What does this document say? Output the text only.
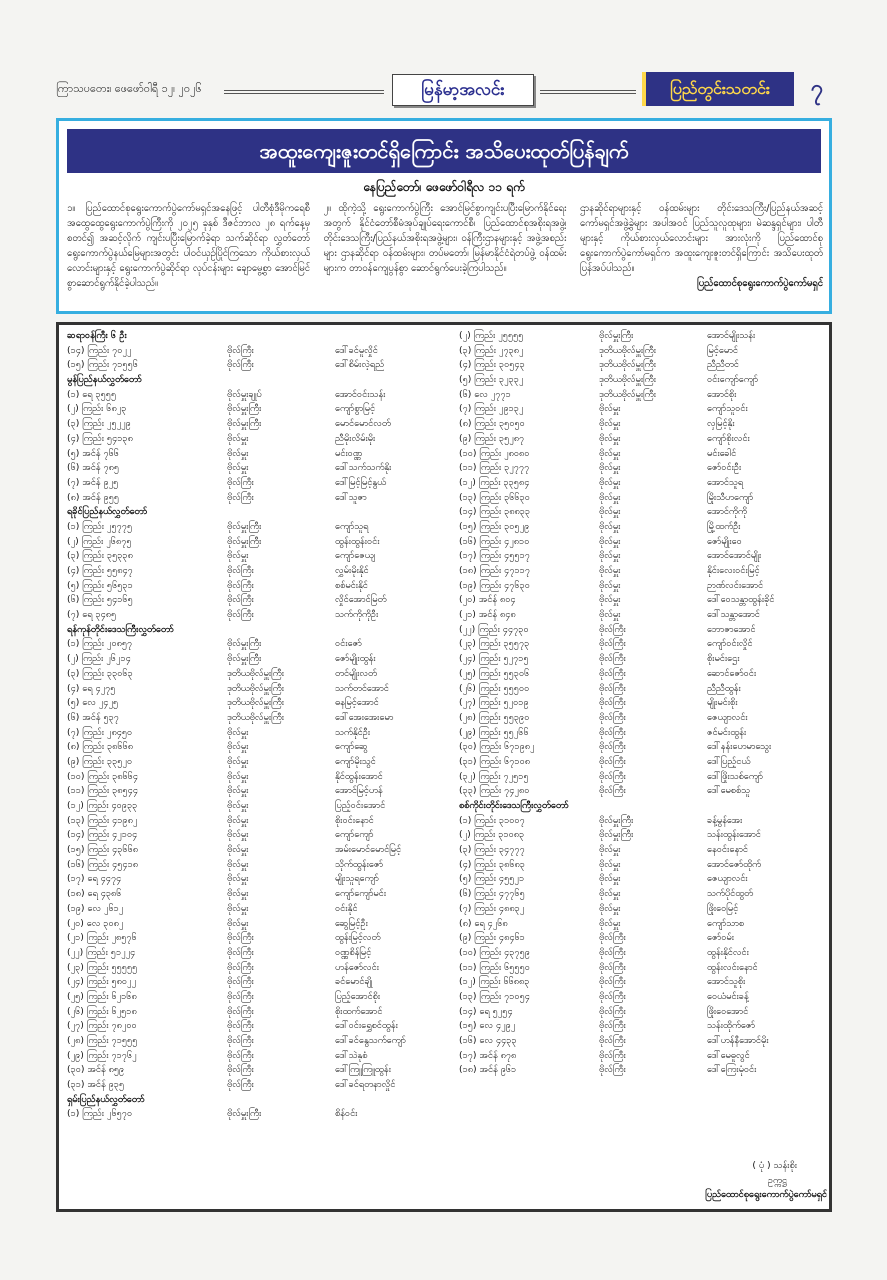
ကြာသပတေး၊ ဖေဖော်ဝါရီ ၁၂၊ ၂၀၂၆	မြန်မာ့အလင်း	ပြည်တွင်းသတင်း	၇
အထူးကျေးဇူးတင်ရှိကြောင်း အသိပေးထုတ်ပြန်ချက်
နေပြည်တော်၊ ဖေဖော်ဝါရီလ ၁၁ ရက်
၁။ ပြည်ထောင်စုရွေးကောက်ပွဲကော်မရှင်အနေဖြင့် ပါတီစုံဒီမိုကရေစီ အထွေထွေရွေးကောက်ပွဲကြီးကို ၂၀၂၅ ခုနှစ် ဒီဇင်ဘာလ ၂၈ ရက်နေ့မှစတင်၍ အဆင့်လိုက် ကျင်းပပြီးမြောက်ခဲ့ရာ သက်ဆိုင်ရာ လွှတ်တော်ရွေးကောက်ပွဲနယ်မြေများအတွင်း ပါဝင်ယှဉ်ပြိုင်ကြသော ကိုယ်စားလှယ်လောင်းများနှင့် ရွေးကောက်ပွဲဆိုင်ရာ လုပ်ငန်းများ ချောမွေ့စွာ အောင်မြင်စွာဆောင်ရွက်နိုင်ခဲ့ပါသည်။
၂။ ထိုကဲ့သို့ ရွေးကောက်ပွဲကြီး အောင်မြင်စွာကျင်းပပြီးမြောက်နိုင်ရေးအတွက် နိုင်ငံတော်စီမံအုပ်ချုပ်ရေးကောင်စီ၊ ပြည်ထောင်စုအစိုးရအဖွဲ့၊ တိုင်းဒေသကြီး/ပြည်နယ်အစိုးရအဖွဲ့များ၊ ဝန်ကြီးဌာနများနှင့် အဖွဲ့အစည်းများ ဌာနဆိုင်ရာ ဝန်ထမ်းများ၊ တပ်မတော်၊ မြန်မာနိုင်ငံရဲတပ်ဖွဲ့ ဝန်ထမ်းများက တာဝန်ကျေပွန်စွာ ဆောင်ရွက်ပေးခဲ့ကြပါသည်။
ဌာနဆိုင်ရာများနှင့် ဝန်ထမ်းများ တိုင်းဒေသကြီး/ပြည်နယ်အဆင့် ကော်မရှင်အဖွဲ့ခွဲများ အပါအဝင် ပြည်သူလူထုများ၊ မဲဆန္ဒရှင်များ၊ ပါတီများနှင့် ကိုယ်စားလှယ်လောင်းများ အားလုံးကို ပြည်ထောင်စုရွေးကောက်ပွဲကော်မရှင်က အထူးကျေးဇူးတင်ရှိကြောင်း အသိပေးထုတ်ပြန်အပ်ပါသည်။
ပြည်ထောင်စုရွေးကောက်ပွဲကော်မရှင်
ဆရာဝန်ကြီး ၆ ဦး
(၁၄) ကြည်း ၇၀၂၂	ဗိုလ်ကြီး	ဒေါ်ခင်မူလှိုင်
(၁၅) ကြည်း ၇၁၅၅၆	ဗိုလ်ကြီး	ဒေါ်စိမ်းလဲ့ရည်
မွန်ပြည်နယ်လွှတ်တော်
(၁) ရေ ၃၅၅၅	ဗိုလ်မှူးချုပ်	အောင်ဝင်းသန်း
(၂) ကြည်း ၆၈၂၃	ဗိုလ်မှူးကြီး	ကျော်စွာမြင့်
(၃) ကြည်း ၂၅၂၂၉	ဗိုလ်မှူးကြီး	မောင်မောင်လတ်
(၄) ကြည်း ၅၄၁၃၈	ဗိုလ်မှူး	ညီမိုးလိမ်းမိုး
(၅) အင်န် ၇၆၆	ဗိုလ်မှူး	မင်းဝဏ္ဏ
(၆) အင်န် ၇၈၅	ဗိုလ်မှူး	ဒေါ်သက်သက်နိုး
(၇) အင်န် ၉၂၅	ဗိုလ်ကြီး	ဒေါ်မြင့်မြင့်နွယ်
(၈) အင်န် ၉၅၅	ဗိုလ်ကြီး	ဒေါ်သူဇာ
ရခိုင်ပြည်နယ်လွှတ်တော်
(၁) ကြည်း ၂၅၇၇၅	ဗိုလ်မှူးကြီး	ကျော်သူရ
(၂) ကြည်း ၂၆၈၇၅	ဗိုလ်မှူးကြီး	ထွန်းထွန်းဝင်း
(၃) ကြည်း ၃၅၃၃၈	ဗိုလ်မှူး	ကျော်ဇေယျ
(၄) ကြည်း ၅၅၈၄၇	ဗိုလ်ကြီး	လွှမ်းမိုးနိုင်
(၅) ကြည်း ၅၆၅၃၁	ဗိုလ်ကြီး	စစ်မင်းနိုင်
(၆) ကြည်း ၅၄၁၆၅	ဗိုလ်ကြီး	လှိုင်အောင်မြတ်
(၇) ရေ ၃၄၈၅	ဗိုလ်ကြီး	သက်ကိုကိုဦး
ရန်ကုန်တိုင်းဒေသကြီးလွှတ်တော်
(၁) ကြည်း ၂၀၈၅၇	ဗိုလ်မှူးကြီး	ဝင်းဇော်
(၂) ကြည်း ၂၆၂၁၄	ဗိုလ်မှူးကြီး	ဇော်မျိုးထွန်း
(၃) ကြည်း ၃၃၀၆၃	ဒုတိယဗိုလ်မှူးကြီး	တင်မျိုးလတ်
(၄) ရေ ၄၂၇၅	ဒုတိယဗိုလ်မှူးကြီး	သက်တင်အောင်
(၅) လေ ၂၄၂၅	ဒုတိယဗိုလ်မှူးကြီး	ဓနမြင့်အောင်
(၆) အင်န် ၅၃၇	ဒုတိယဗိုလ်မှူးကြီး	ဒေါ်အေးအေးမော
(၇) ကြည်း ၂၈၄၅၀	ဗိုလ်မှူး	သက်နိုင်ဦး
(၈) ကြည်း ၃၈၆၆၈	ဗိုလ်မှူး	ကျော်ဆွေ
(၉) ကြည်း ၃၃၅၂၀	ဗိုလ်မှူး	ကျော်မိုးသွင်
(၁၀) ကြည်း ၃၈၆၆၄	ဗိုလ်မှူး	နိုင်ထွန်းအောင်
(၁၁) ကြည်း ၃၈၅၄၄	ဗိုလ်မှူး	အောင်မြင့်ဟန်
(၁၂) ကြည်း ၄၀၉၃၃	ဗိုလ်မှူး	ပြည့်ဝင်းအောင်
(၁၃) ကြည်း ၄၁၉၈၂	ဗိုလ်မှူး	စိုးဝင်းနောင်
(၁၄) ကြည်း ၄၂၁၀၄	ဗိုလ်မှူး	ကျော်ကျော်
(၁၅) ကြည်း ၄၃၆၆၈	ဗိုလ်မှူး	အမ်းမောင်မောင်မြင့်
(၁၆) ကြည်း ၄၅၄၁၈	ဗိုလ်မှူး	သိုက်ထွန်းဇော်
(၁၇) ရေ ၄၄၇၄	ဗိုလ်မှူး	မျိုးသူရကျော်
(၁၈) ရေ ၄၃၈၆	ဗိုလ်မှူး	ကျော်ကျော်မင်း
(၁၉) လေ ၂၆၁၂	ဗိုလ်မှူး	ဝင်းနိုင်
(၂၀) လေ ၃၀၈၂	ဗိုလ်မှူး	ဆွေမြင့်ဦး
(၂၁) ကြည်း ၂၈၅၇၆	ဗိုလ်ကြီး	ထွန်းမြင့်လတ်
(၂၂) ကြည်း ၅၁၂၂၄	ဗိုလ်ကြီး	ဝဏ္ဏစိန်မြင့်
(၂၃) ကြည်း ၅၅၅၅၅	ဗိုလ်ကြီး	ဟန်ဇော်လင်း
(၂၄) ကြည်း ၅၈၀၂၂	ဗိုလ်ကြီး	ခင်မောင်ချို
(၂၅) ကြည်း ၆၂၁၆၈	ဗိုလ်ကြီး	ပြည့်အောင်စိုး
(၂၆) ကြည်း ၆၂၅၁၈	ဗိုလ်ကြီး	စိုးထက်အောင်
(၂၇) ကြည်း ၇၈၂၀၀	ဗိုလ်ကြီး	ဒေါ်ဝင်းရွှေစင်ထွန်း
(၂၈) ကြည်း ၇၁၅၅၅	ဗိုလ်ကြီး	ဒေါ်ခင်နွေသက်ကျော်
(၂၉) ကြည်း ၇၁၇၆၂	ဗိုလ်ကြီး	ဒေါ်သဲနုစံ
(၃၀) အင်န် ၈၅၉	ဗိုလ်ကြီး	ဒေါ်ကြူကြူထွန်း
(၃၁) အင်န် ၉၃၅	ဗိုလ်ကြီး	ဒေါ်ခင်ရတနာလှိုင်
ရှမ်းပြည်နယ်လွှတ်တော်
(၁) ကြည်း ၂၆၅၇၀	ဗိုလ်မှူးကြီး	စိန်ဝင်း
(၂) ကြည်း ၂၅၅၅၅	ဗိုလ်မှူးကြီး	အောင်မျိုးသန်း
(၃) ကြည်း ၂၇၃၈၂	ဒုတိယဗိုလ်မှူးကြီး	မြင့်မောင်
(၄) ကြည်း ၃၀၅၄၃	ဒုတိယဗိုလ်မှူးကြီး	ညီညီတင်
(၅) ကြည်း ၃၂၃၃၂	ဒုတိယဗိုလ်မှူးကြီး	ဝင်းကျော်ကျော်
(၆) လေ ၂၇၇၁	ဒုတိယဗိုလ်မှူးကြီး	အောင်စိုး
(၇) ကြည်း ၂၉၁၃၂	ဗိုလ်မှူး	ကျော်သူဝင်း
(၈) ကြည်း ၃၅၀၅၀	ဗိုလ်မှူး	လှမြင့်နိုး
(၉) ကြည်း ၃၅၂၈၇	ဗိုလ်မှူး	ကျော်စိုးလင်း
(၁၀) ကြည်း ၂၈၀၈၀	ဗိုလ်မှူး	မင်းခေါင်
(၁၁) ကြည်း ၃၂၇၇၇	ဗိုလ်မှူး	ဇော်ဝင်းဦး
(၁၂) ကြည်း ၃၃၅၈၄	ဗိုလ်မှူး	အောင်သူရ
(၁၃) ကြည်း ၃၆၆၃၀	ဗိုလ်မှူး	မြိုးသီဟကျော်
(၁၄) ကြည်း ၃၈၈၃၃	ဗိုလ်မှူး	အောင်ကိုကို
(၁၅) ကြည်း ၃၀၅၂၉	ဗိုလ်မှူး	မြို့ထက်ဦး
(၁၆) ကြည်း ၄၂၈၁၀	ဗိုလ်မှူး	ဇော်မျိုးဝေ
(၁၇) ကြည်း ၄၅၅၁၇	ဗိုလ်မှူး	အောင်အောင်မျိုး
(၁၈) ကြည်း ၄၇၁၁၇	ဗိုလ်မှူး	နိုင်းလေးဝင်းမြင့်
(၁၉) ကြည်း ၄၇၆၃၀	ဗိုလ်မှူး	ဉာဏ်လင်းအောင်
(၂၀) အင်န် ၈၀၄	ဗိုလ်မှူး	ဒေါ်ဝေသန္တာထွန်းခိုင်
(၂၁) အင်န် ၈၄၈	ဗိုလ်မှူး	ဒေါ်သန္တာအောင်
(၂၂) ကြည်း ၄၄၇၃၀	ဗိုလ်ကြီး	ဘောဇာအောင်
(၂၃) ကြည်း ၃၅၅၇၃	ဗိုလ်ကြီး	ကျော်ဝင်းလှိုင်
(၂၄) ကြည်း ၅၂၇၁၅	ဗိုလ်ကြီး	စိုးမင်းဌေး
(၂၅) ကြည်း ၅၅၃၀၆	ဗိုလ်ကြီး	ဆောင်ဇော်ဝင်း
(၂၆) ကြည်း ၅၅၅၀၀	ဗိုလ်ကြီး	ညီညီထွန်း
(၂၇) ကြည်း ၅၂၀၁၉	ဗိုလ်ကြီး	မျိုးမင်းစိုး
(၂၈) ကြည်း ၅၅၃၉၀	ဗိုလ်ကြီး	ဇေယျာလင်း
(၂၉) ကြည်း ၅၅၂၆၆	ဗိုလ်ကြီး	ဇင်မင်းထွန်း
(၃၀) ကြည်း ၆၇၁၉၈၂	ဗိုလ်ကြီး	ဒေါ်နန်းဟေမာသွေး
(၃၁) ကြည်း ၆၇၁၀၈	ဗိုလ်ကြီး	ဒေါ်ပြည့်ငယ်
(၃၂) ကြည်း ၇၂၅၁၅	ဗိုလ်ကြီး	ဒေါ်ဖြိုးသစ်ကျော်
(၃၃) ကြည်း ၇၄၂၈၀	ဗိုလ်ကြီး	ဒေါ်မေစစ်သူ
စစ်ကိုင်းတိုင်းဒေသကြီးလွှတ်တော်
(၁) ကြည်း ၃၁၀၀၇	ဗိုလ်မှူးကြီး	ခန့်မွန်အေး
(၂) ကြည်း ၃၁၀၈၃	ဗိုလ်မှူးကြီး	သန်းထွန်းအောင်
(၃) ကြည်း ၃၄၇၇၇	ဗိုလ်မှူး	နေဝင်းနောင်
(၄) ကြည်း ၃၈၆၈၃	ဗိုလ်မှူး	အောင်ဇော်ထိုက်
(၅) ကြည်း ၄၅၅၂၁	ဗိုလ်မှူး	ဇေယျာလင်း
(၆) ကြည်း ၄၇၇၆၅	ဗိုလ်မှူး	သက်ပိုင်ထွတ်
(၇) ကြည်း ၄၈၈၃၂	ဗိုလ်မှူး	ဖြိုးဝေမြင့်
(၈) ရေ ၄၂၆၈	ဗိုလ်မှူး	ကျော်သာစ
(၉) ကြည်း ၄၈၄၆၁	ဗိုလ်ကြီး	ဇော်ဝမ်း
(၁၀) ကြည်း ၄၃၇၅၉	ဗိုလ်ကြီး	ထွန်းနိုင်လင်း
(၁၁) ကြည်း ၆၅၅၅၀	ဗိုလ်ကြီး	ထွန်းလင်းနောင်
(၁၂) ကြည်း ၆၆၈၈၃	ဗိုလ်ကြီး	အောင်သူစိုး
(၁၃) ကြည်း ၇၁၀၅၄	ဗိုလ်ကြီး	ဝေယံမင်းခန့်
(၁၄) ရေ ၅၂၅၄	ဗိုလ်ကြီး	ဖြိုးဝေအောင်
(၁၅) လေ ၄၂၉၂	ဗိုလ်ကြီး	သန်းထိုက်ဇော်
(၁၆) လေ ၄၄၃၃	ဗိုလ်ကြီး	ဒေါ်ဟန်နီအောင်မိုး
(၁၇) အင်န် ၈၇၈	ဗိုလ်ကြီး	ဒေါ်မေဓူလွင်
(၁၈) အင်န် ၉၆၁	ဗိုလ်ကြီး	ဒေါ်ကြေးမုံဝင်း
( ပုံ ) သန်းစိုး
ဥက္ကဋ္ဌ
ပြည်ထောင်စုရွေးကောက်ပွဲကော်မရှင်
